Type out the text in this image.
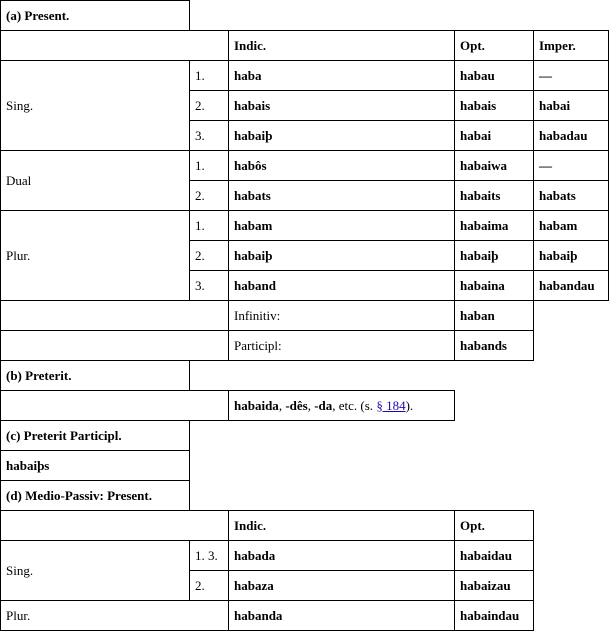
(a) Present.
Indic.	Opt.	Imper.
Sing.
1.	haba	habau	—
2.	habais	habais	habai
3.	habaiþ	habai	habadau
Dual
1.	habôs	habaiwa	—
2.	habats	habaits	habats
Plur.
1.	habam	habaima	habam
2.	habaiþ	habaiþ	habaiþ
3.	haband	habaina	habandau
Infinitiv:	haban
Participl:	habands
(b) Preterit.
habaida , -dês , -da , etc. (s. § 184 ).
(c) Preterit Participl.
habaiþs
(d) Medio-Passiv: Present.
Indic.	Opt.
Sing.
1. 3.	habada	habaidau
2.	habaza	habaizau
Plur.	habanda	habaindau
